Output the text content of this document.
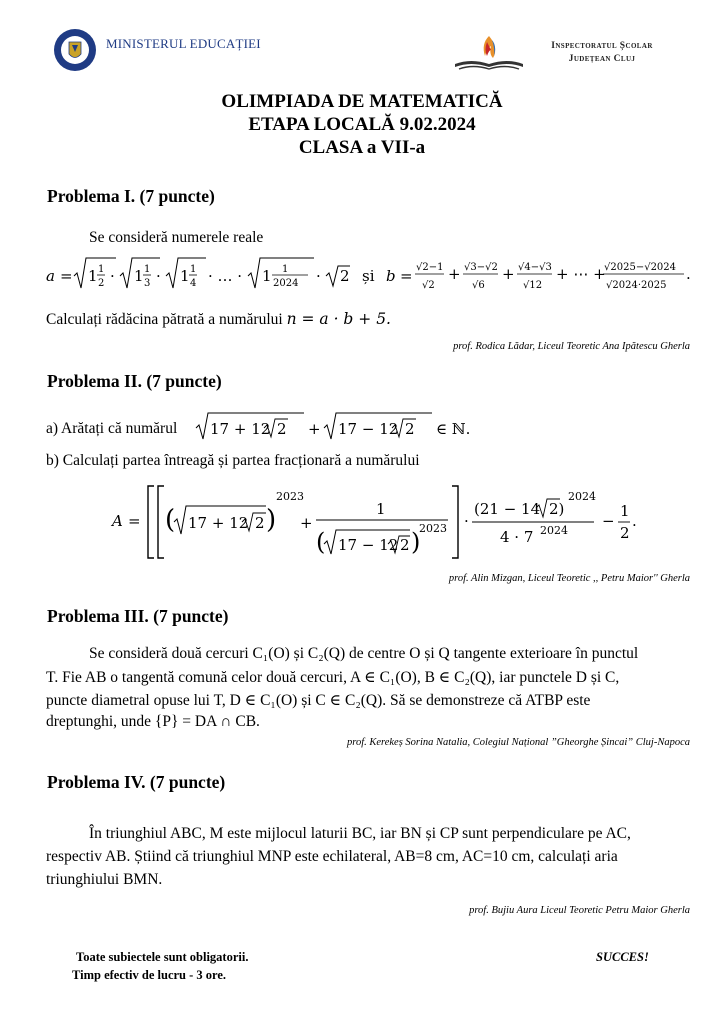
MINISTERUL EDUCAȚIEI	Inspectoratul Școlar
Județean Cluj
OLIMPIADA DE MATEMATICĂ
ETAPA LOCALĂ 9.02.2024
CLASA a VII-a
Problema I. (7 puncte)
Se consideră numerele reale
a = 1 1
2 · 1 1
3 · 1 1
4 · … · 1 1
2024 · 2 și b = √2−1
√2
+ √3−√2
√6
+ √4−√3
√12
+ ⋯ +
√2025−√2024
√2024·2025
.
Calculați rădăcina pătrată a numărului n = a · b + 5.
prof. Rodica Lădar, Liceul Teoretic Ana Ipătescu Gherla
Problema II. (7 puncte)
a) Arătați că numărul 17 + 12 2 + 17 − 12 2 ∈ ℕ.
b) Calculați partea întreagă și partea fracționară a numărului
A = ( 17 + 12 2 )
2023
+
1
( 17 − 12 2 )
2023 ·
(21 − 14 2)
2024
4 · 7 2024
−
1
2
.
prof. Alin Mizgan, Liceul Teoretic ,, Petru Maior'' Gherla
Problema III. (7 puncte)
Se consideră două cercuri C₁(O) și C₂(Q) de centre O și Q tangente exterioare în punctul
T. Fie AB o tangentă comună celor două cercuri, A ∈ C₁(O), B ∈ C₂(Q), iar punctele D și C,
puncte diametral opuse lui T, D ∈ C₁(O) și C ∈ C₂(Q). Să se demonstreze că ATBP este
dreptunghi, unde {P} = DA ∩ CB.
prof. Kerekeș Sorina Natalia, Colegiul Național ”Gheorghe Șincai” Cluj-Napoca
Problema IV. (7 puncte)
În triunghiul ABC, M este mijlocul laturii BC, iar BN și CP sunt perpendiculare pe AC,
respectiv AB. Știind că triunghiul MNP este echilateral, AB=8 cm, AC=10 cm, calculați aria
triunghiului BMN.
prof. Bujiu Aura Liceul Teoretic Petru Maior Gherla
Toate subiectele sunt obligatorii.
Timp efectiv de lucru - 3 ore.
SUCCES!
